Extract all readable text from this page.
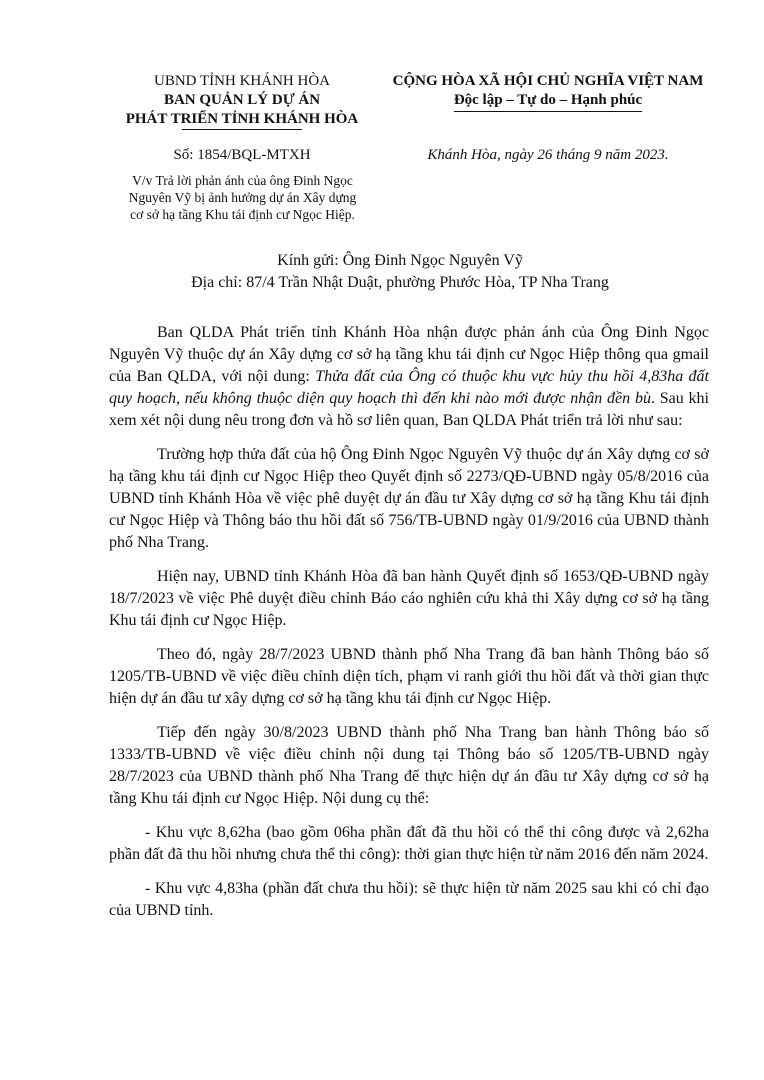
UBND TỈNH KHÁNH HÒA
BAN QUẢN LÝ DỰ ÁN
PHÁT TRIỂN TỈNH KHÁNH HÒA
CỘNG HÒA XÃ HỘI CHỦ NGHĨA VIỆT NAM
Độc lập – Tự do – Hạnh phúc
Số: 1854/BQL-MTXH	Khánh Hòa, ngày 26 tháng 9 năm 2023.
V/v Trả lời phản ánh của ông Đinh Ngọc
Nguyên Vỹ bị ảnh hưởng dự án Xây dựng
cơ sở hạ tầng Khu tái định cư Ngọc Hiệp.
Kính gửi: Ông Đinh Ngọc Nguyên Vỹ
Địa chỉ: 87/4 Trần Nhật Duật, phường Phước Hòa, TP Nha Trang

Ban QLDA Phát triển tỉnh Khánh Hòa nhận được phản ánh của Ông Đinh Ngọc Nguyên Vỹ thuộc dự án Xây dựng cơ sở hạ tầng khu tái định cư Ngọc Hiệp thông qua gmail của Ban QLDA, với nội dung: Thửa đất của Ông có thuộc khu vực hủy thu hồi 4,83ha đất quy hoạch, nếu không thuộc diện quy hoạch thì đến khi nào mới được nhận đền bù. Sau khi xem xét nội dung nêu trong đơn và hồ sơ liên quan, Ban QLDA Phát triển trả lời như sau:

Trường hợp thửa đất của hộ Ông Đinh Ngọc Nguyên Vỹ thuộc dự án Xây dựng cơ sở hạ tầng khu tái định cư Ngọc Hiệp theo Quyết định số 2273/QĐ-UBND ngày 05/8/2016 của UBND tỉnh Khánh Hòa về việc phê duyệt dự án đầu tư Xây dựng cơ sở hạ tầng Khu tái định cư Ngọc Hiệp và Thông báo thu hồi đất số 756/TB-UBND ngày 01/9/2016 của UBND thành phố Nha Trang.

Hiện nay, UBND tỉnh Khánh Hòa đã ban hành Quyết định số 1653/QĐ-UBND ngày 18/7/2023 về việc Phê duyệt điều chỉnh Báo cáo nghiên cứu khả thi Xây dựng cơ sở hạ tầng Khu tái định cư Ngọc Hiệp.

Theo đó, ngày 28/7/2023 UBND thành phố Nha Trang đã ban hành Thông báo số 1205/TB-UBND về việc điều chỉnh diện tích, phạm vi ranh giới thu hồi đất và thời gian thực hiện dự án đầu tư xây dựng cơ sở hạ tầng khu tái định cư Ngọc Hiệp.

Tiếp đến ngày 30/8/2023 UBND thành phố Nha Trang ban hành Thông báo số 1333/TB-UBND về việc điều chỉnh nội dung tại Thông báo số 1205/TB-UBND ngày 28/7/2023 của UBND thành phố Nha Trang để thực hiện dự án đầu tư Xây dựng cơ sở hạ tầng Khu tái định cư Ngọc Hiệp. Nội dung cụ thể:

- Khu vực 8,62ha (bao gồm 06ha phần đất đã thu hồi có thể thi công được và 2,62ha phần đất đã thu hồi nhưng chưa thể thi công): thời gian thực hiện từ năm 2016 đến năm 2024.

- Khu vực 4,83ha (phần đất chưa thu hồi): sẽ thực hiện từ năm 2025 sau khi có chỉ đạo của UBND tỉnh.
